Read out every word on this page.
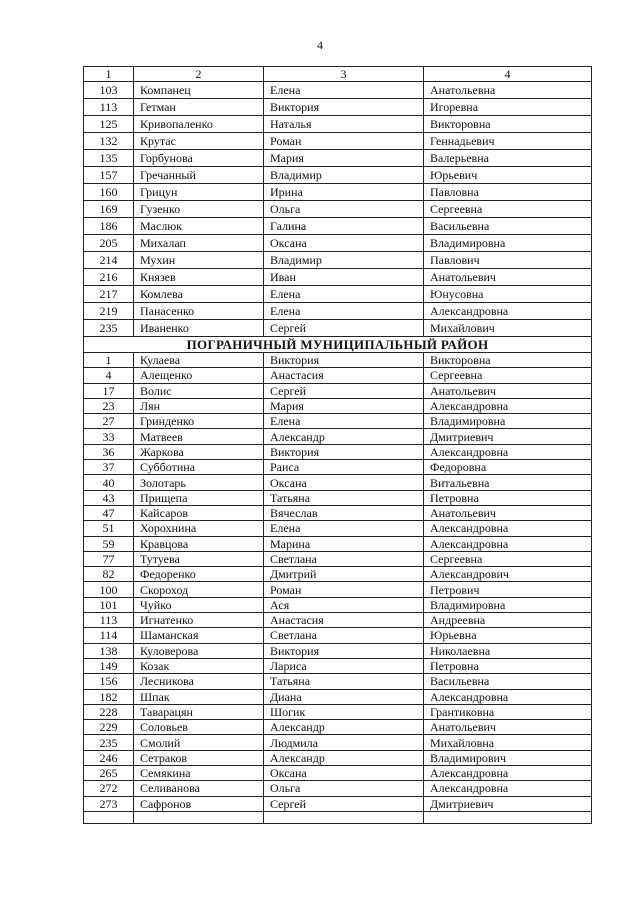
4
1	2	3	4
103	Компанец	Елена	Анатольевна
113	Гетман	Виктория	Игоревна
125	Кривопаленко	Наталья	Викторовна
132	Крутас	Роман	Геннадьевич
135	Горбунова	Мария	Валерьевна
157	Гречанный	Владимир	Юрьевич
160	Грицун	Ирина	Павловна
169	Гузенко	Ольга	Сергеевна
186	Маслюк	Галина	Васильевна
205	Михалап	Оксана	Владимировна
214	Мухин	Владимир	Павлович
216	Князев	Иван	Анатольевич
217	Комлева	Елена	Юнусовна
219	Панасенко	Елена	Александровна
235	Иваненко	Сергей	Михайлович
ПОГРАНИЧНЫЙ МУНИЦИПАЛЬНЫЙ РАЙОН			
1	Кулаева	Виктория	Викторовна
4	Алещенко	Анастасия	Сергеевна
17	Волис	Сергей	Анатольевич
23	Лян	Мария	Александровна
27	Гринденко	Елена	Владимировна
33	Матвеев	Александр	Дмитриевич
36	Жаркова	Виктория	Александровна
37	Субботина	Раиса	Федоровна
40	Золотарь	Оксана	Витальевна
43	Прищепа	Татьяна	Петровна
47	Кайсаров	Вячеслав	Анатольевич
51	Хорохнина	Елена	Александровна
59	Кравцова	Марина	Александровна
77	Тутуева	Светлана	Сергеевна
82	Федоренко	Дмитрий	Александрович
100	Скороход	Роман	Петрович
101	Чуйко	Ася	Владимировна
113	Игнатенко	Анастасия	Андреевна
114	Шаманская	Светлана	Юрьевна
138	Куловерова	Виктория	Николаевна
149	Козак	Лариса	Петровна
156	Лесникова	Татьяна	Васильевна
182	Шпак	Диана	Александровна
228	Таварацян	Шогик	Грантиковна
229	Соловьев	Александр	Анатольевич
235	Смолий	Людмила	Михайловна
246	Сетраков	Александр	Владимирович
265	Семякина	Оксана	Александровна
272	Селиванова	Ольга	Александровна
273	Сафронов	Сергей	Дмитриевич
